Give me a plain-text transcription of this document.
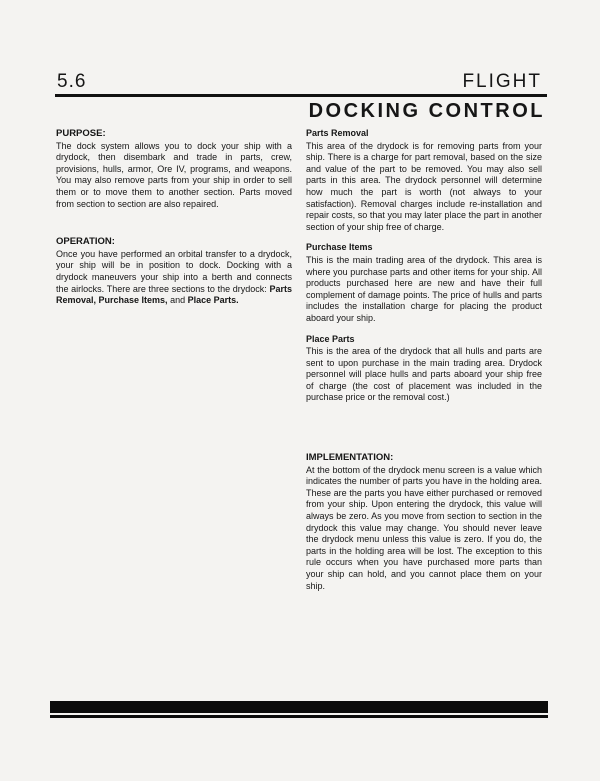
5.6	FLIGHT
DOCKING CONTROL
PURPOSE:

The dock system allows you to dock your ship with a drydock, then disembark and trade in parts, crew, provisions, hulls, armor, Ore IV, programs, and weapons. You may also remove parts from your ship in order to sell them or to move them to another section. Parts moved from section to section are also repaired.

OPERATION:

Once you have performed an orbital transfer to a drydock, your ship will be in position to dock. Docking with a drydock maneuvers your ship into a berth and connects the airlocks. There are three sections to the drydock: Parts Removal, Purchase Items, and Place Parts.

Parts Removal

This area of the drydock is for removing parts from your ship. There is a charge for part removal, based on the size and value of the part to be removed. You may also sell parts in this area. The drydock personnel will determine how much the part is worth (not always to your satisfaction). Removal charges include re-installation and repair costs, so that you may later place the part in another section of your ship free of charge.

Purchase Items

This is the main trading area of the drydock. This area is where you purchase parts and other items for your ship. All products purchased here are new and have their full complement of damage points. The price of hulls and parts includes the installation charge for placing the product aboard your ship.

Place Parts

This is the area of the drydock that all hulls and parts are sent to upon purchase in the main trading area. Drydock personnel will place hulls and parts aboard your ship free of charge (the cost of placement was included in the purchase price or the removal cost.)

IMPLEMENTATION:

At the bottom of the drydock menu screen is a value which indicates the number of parts you have in the holding area. These are the parts you have either purchased or removed from your ship. Upon entering the drydock, this value will always be zero. As you move from section to section in the drydock this value may change. You should never leave the drydock menu unless this value is zero. If you do, the parts in the holding area will be lost. The exception to this rule occurs when you have purchased more parts than your ship can hold, and you cannot place them on your ship.
